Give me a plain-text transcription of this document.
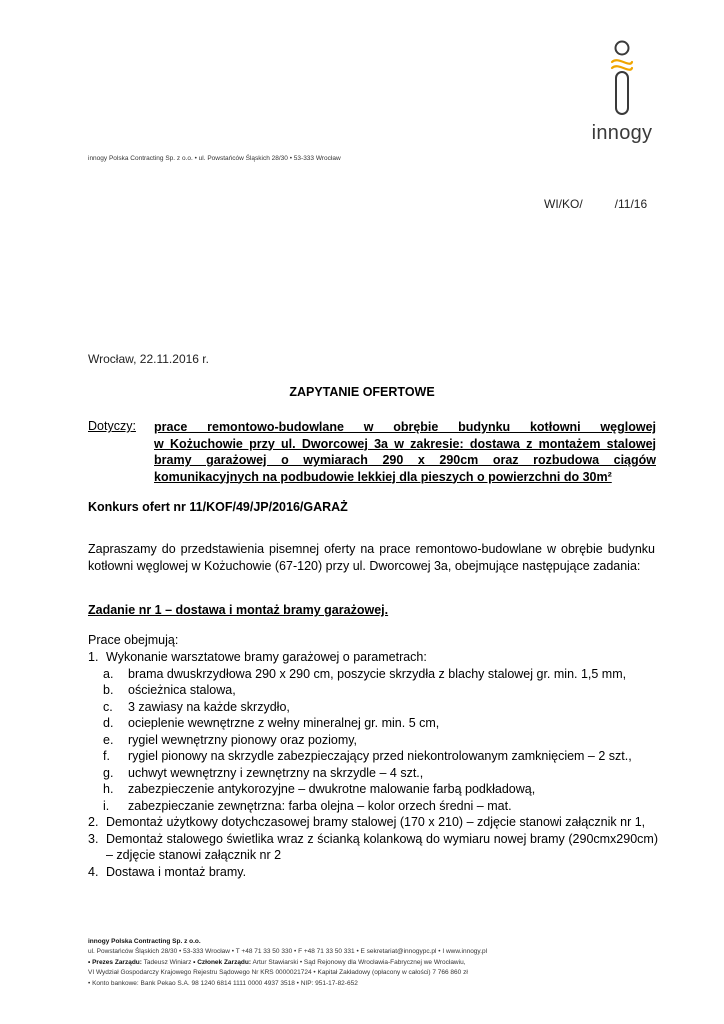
innogy
innogy Polska Contracting Sp. z o.o. • ul. Powstańców Śląskich 28/30 • 53-333 Wrocław
WI/KO/	/11/16
Wrocław, 22.11.2016 r.
ZAPYTANIE OFERTOWE
Dotyczy: prace remontowo-budowlane w obrębie budynku kotłowni węglowej
w Kożuchowie przy ul. Dworcowej 3a w zakresie: dostawa z montażem stalowej
bramy garażowej o wymiarach 290 x 290cm oraz rozbudowa ciągów
komunikacyjnych na podbudowie lekkiej dla pieszych o powierzchni do 30m²
Konkurs ofert nr 11/KOF/49/JP/2016/GARAŻ
Zapraszamy do przedstawienia pisemnej oferty na prace remontowo-budowlane w obrębie budynku kotłowni węglowej w Kożuchowie (67-120) przy ul. Dworcowej 3a, obejmujące następujące zadania:
Zadanie nr 1 – dostawa i montaż bramy garażowej.
Prace obejmują:
1. Wykonanie warsztatowe bramy garażowej o parametrach:
a.	brama dwuskrzydłowa 290 x 290 cm, poszycie skrzydła z blachy stalowej gr. min. 1,5 mm,
b.	ościeżnica stalowa,
c.	3 zawiasy na każde skrzydło,
d.	ocieplenie wewnętrzne z wełny mineralnej gr. min. 5 cm,
e.	rygiel wewnętrzny pionowy oraz poziomy,
f.	rygiel pionowy na skrzydle zabezpieczający przed niekontrolowanym zamknięciem – 2 szt.,
g.	uchwyt wewnętrzny i zewnętrzny na skrzydle – 4 szt.,
h.	zabezpieczenie antykorozyjne – dwukrotne malowanie farbą podkładową,
i.	zabezpieczanie zewnętrzna: farba olejna – kolor orzech średni – mat.
2. Demontaż użytkowy dotychczasowej bramy stalowej (170 x 210) – zdjęcie stanowi załącznik nr 1,
3. Demontaż stalowego świetlika wraz z ścianką kolankową do wymiaru nowej bramy (290cmx290cm) – zdjęcie stanowi załącznik nr 2
4. Dostawa i montaż bramy.
innogy Polska Contracting Sp. z o.o.
ul. Powstańców Śląskich 28/30 • 53-333 Wrocław • T +48 71 33 50 330 • F +48 71 33 50 331 • E sekretariat@innogypc.pl • I www.innogy.pl
• Prezes Zarządu: Tadeusz Winiarz • Członek Zarządu: Artur Stawiarski • Sąd Rejonowy dla Wrocławia-Fabrycznej we Wrocławiu,
VI Wydział Gospodarczy Krajowego Rejestru Sądowego Nr KRS 0000021724 • Kapitał Zakładowy (opłacony w całości) 7 766 860 zł
• Konto bankowe: Bank Pekao S.A. 98 1240 6814 1111 0000 4937 3518 • NIP: 951-17-82-652
